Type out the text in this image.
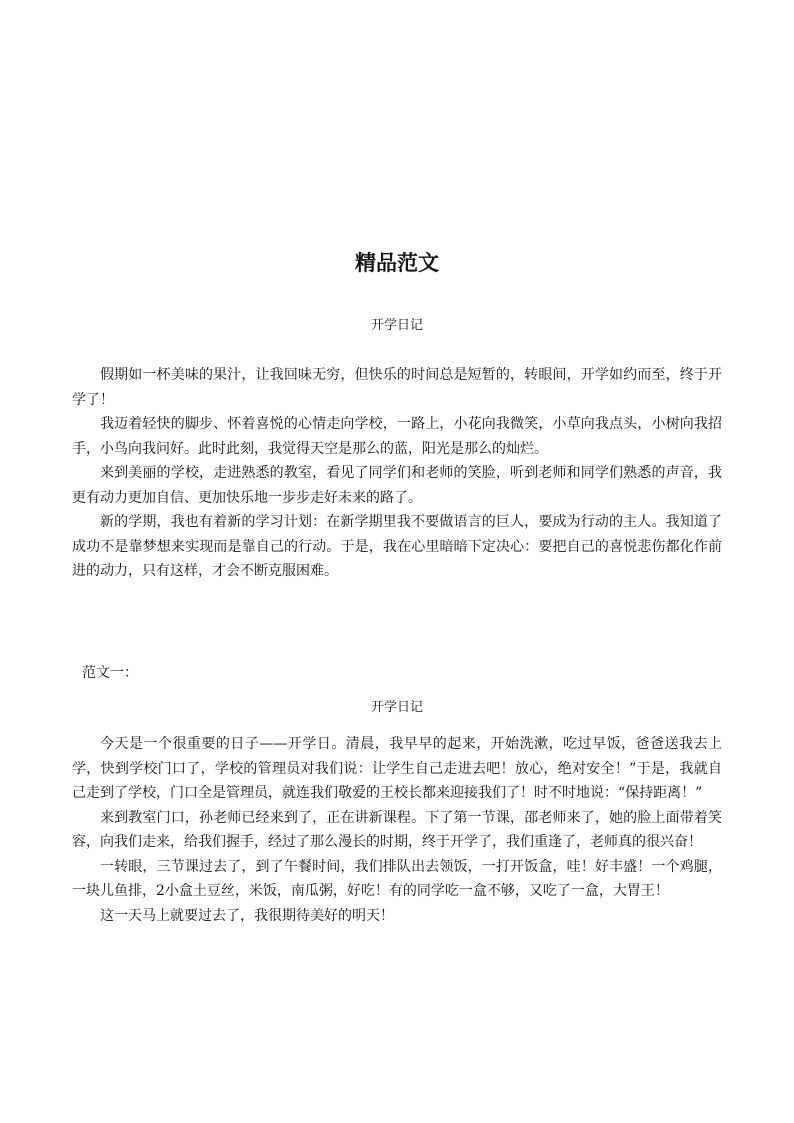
精品范文
开学日记

假期如一杯美味的果汁，让我回味无穷，但快乐的时间总是短暂的，转眼间，开学如约而至，终于开学了！

我迈着轻快的脚步、怀着喜悦的心情走向学校，一路上，小花向我微笑，小草向我点头，小树向我招手，小鸟向我问好。此时此刻，我觉得天空是那么的蓝，阳光是那么的灿烂。

来到美丽的学校，走进熟悉的教室，看见了同学们和老师的笑脸，听到老师和同学们熟悉的声音，我更有动力更加自信、更加快乐地一步步走好未来的路了。

新的学期，我也有着新的学习计划：在新学期里我不要做语言的巨人，要成为行动的主人。我知道了成功不是靠梦想来实现而是靠自己的行动。于是，我在心里暗暗下定决心：要把自己的喜悦悲伤都化作前进的动力，只有这样，才会不断克服困难。

范文一：
开学日记

今天是一个很重要的日子——开学日。清晨，我早早的起来，开始洗漱，吃过早饭，爸爸送我去上学，快到学校门口了，学校的管理员对我们说：让学生自己走进去吧！放心，绝对安全！”于是，我就自己走到了学校，门口全是管理员，就连我们敬爱的王校长都来迎接我们了！时不时地说：“保持距离！”

来到教室门口，孙老师已经来到了，正在讲新课程。下了第一节课，邵老师来了，她的脸上面带着笑容，向我们走来，给我们握手，经过了那么漫长的时期，终于开学了，我们重逢了，老师真的很兴奋！

一转眼，三节课过去了，到了午餐时间，我们排队出去领饭，一打开饭盒，哇！好丰盛！一个鸡腿，一块儿鱼排，2小盒土豆丝，米饭，南瓜粥，好吃！有的同学吃一盒不够，又吃了一盒，大胃王！

这一天马上就要过去了，我很期待美好的明天！
